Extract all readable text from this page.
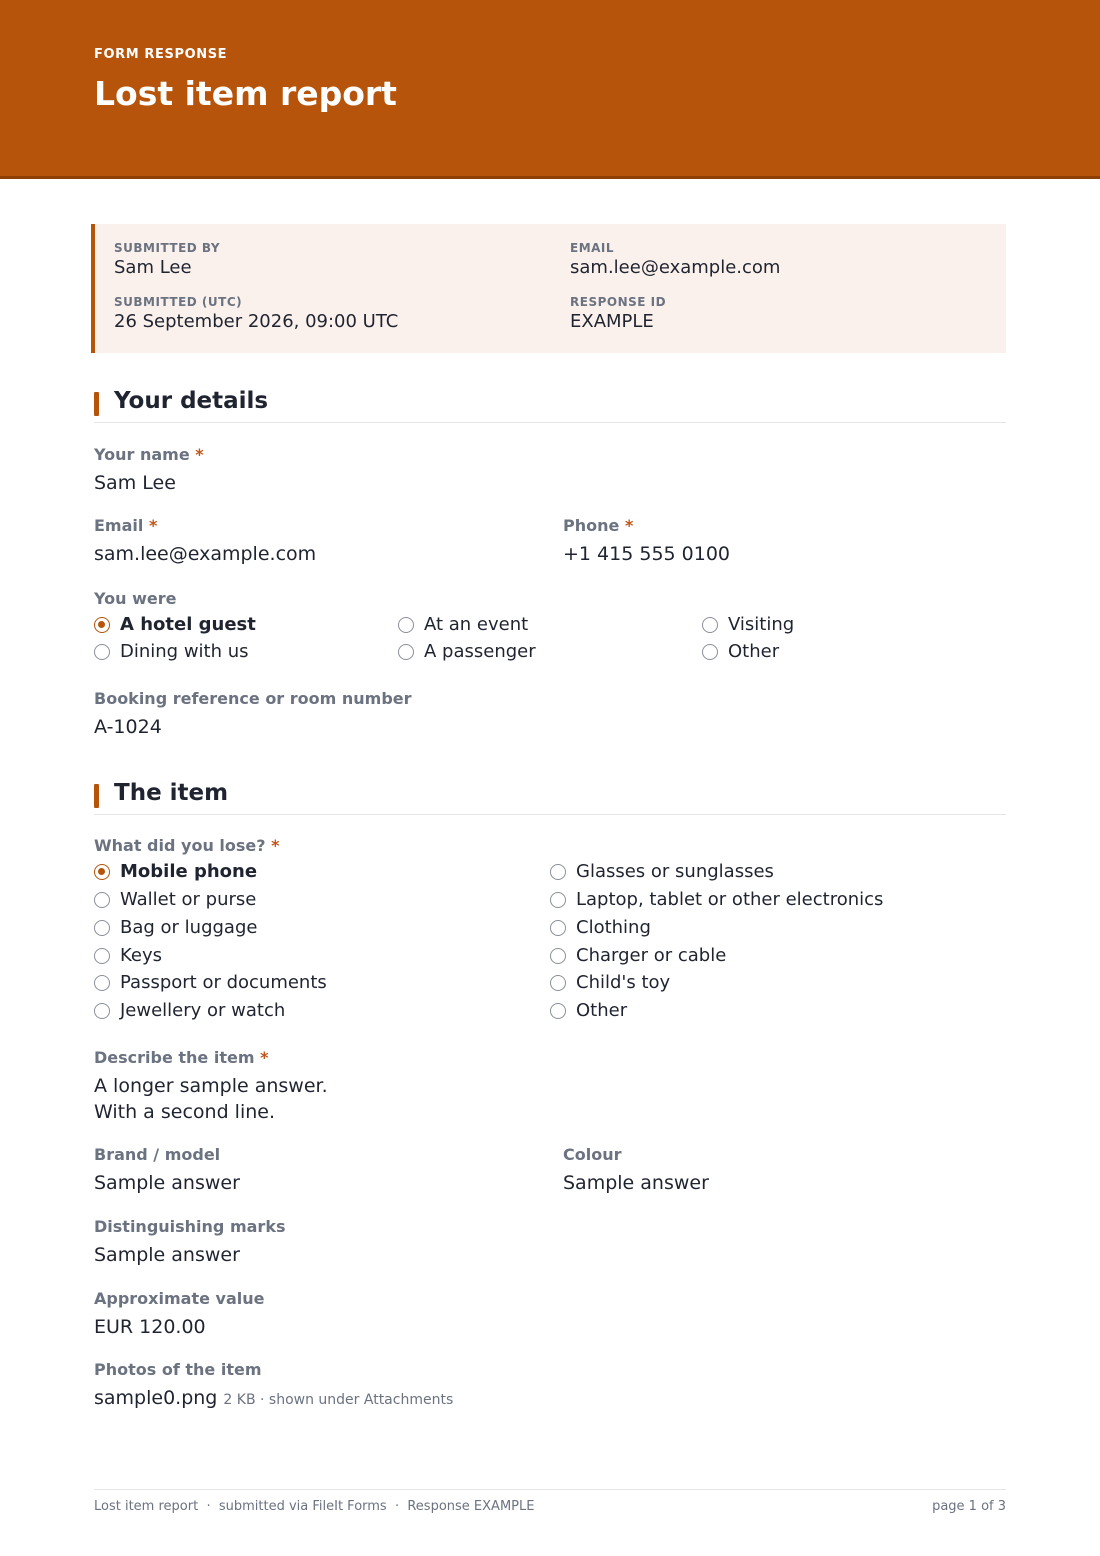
FORM RESPONSE
Lost item report
SUBMITTED BY
Sam Lee
EMAIL
sam.lee@example.com
SUBMITTED (UTC)
26 September 2026, 09:00 UTC
RESPONSE ID
EXAMPLE
Your details
Your name *
Sam Lee
Email *
sam.lee@example.com
Phone *
+1 415 555 0100
You were
A hotel guest	At an event	Visiting
Dining with us	A passenger	Other
Booking reference or room number
A-1024
The item
What did you lose? *
Mobile phone
Wallet or purse
Bag or luggage
Keys
Passport or documents
Jewellery or watch
Glasses or sunglasses
Laptop, tablet or other electronics
Clothing
Charger or cable
Child's toy
Other
Describe the item *
A longer sample answer.
With a second line.
Brand / model
Sample answer
Colour
Sample answer
Distinguishing marks
Sample answer
Approximate value
EUR 120.00
Photos of the item
sample0.png 2 KB · shown under Attachments
Lost item report  ·  submitted via FileIt Forms  ·  Response EXAMPLE	page 1 of 3
